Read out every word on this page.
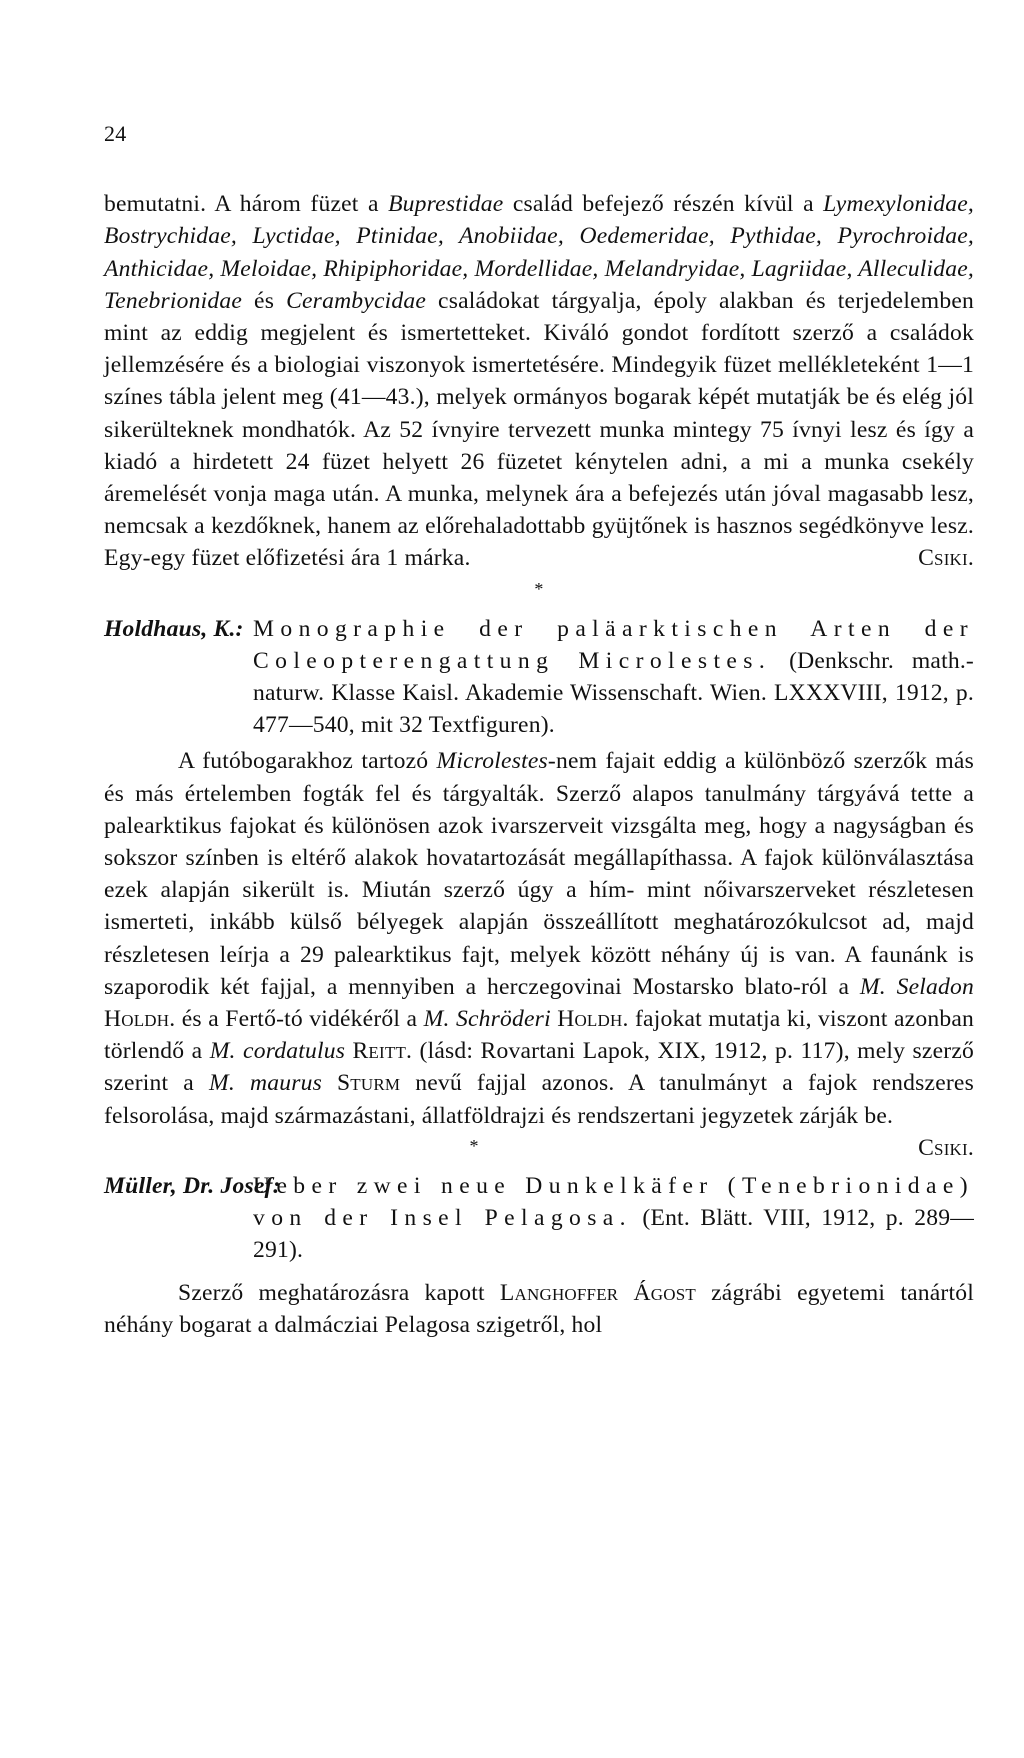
24
bemutatni. A három füzet a Buprestidae család befejező részén kívül a Lymexylonidae, Bostrychidae, Lyctidae, Ptinidae, Anobiidae, Oedemeridae, Pythidae, Pyrochroidae, Anthicidae, Meloidae, Rhipiphoridae, Mordellidae, Melandryidae, Lagriidae, Alleculidae, Tenebrionidae és Cerambycidae családokat tárgyalja, époly alakban és terjedelemben mint az eddig megjelent és ismertetteket. Kiváló gondot fordított szerző a családok jellemzésére és a biologiai viszonyok ismertetésére. Mindegyik füzet mellékleteként 1—1 színes tábla jelent meg (41—43.), melyek ormányos bogarak képét mutatják be és elég jól sikerülteknek mondhatók. Az 52 ívnyire tervezett munka mintegy 75 ívnyi lesz és így a kiadó a hirdetett 24 füzet helyett 26 füzetet kénytelen adni, a mi a munka csekély áremelését vonja maga után. A munka, melynek ára a befejezés után jóval magasabb lesz, nemcsak a kezdőknek, hanem az előrehaladottabb gyüjtőnek is hasznos segédkönyve lesz. Egy-egy füzet előfizetési ára 1 márka.	Csiki.
*
Holdhaus, K.: Monographie der paläarktischen Arten der Coleopterengattung Microlestes. (Denkschr. math.-naturw. Klasse Kaisl. Akademie Wissenschaft. Wien. LXXXVIII, 1912, p. 477—540, mit 32 Textfiguren).
A futóbogarakhoz tartozó Microlestes-nem fajait eddig a különböző szerzők más és más értelemben fogták fel és tárgyalták. Szerző alapos tanulmány tárgyává tette a palearktikus fajokat és különösen azok ivarszerveit vizsgálta meg, hogy a nagyságban és sokszor színben is eltérő alakok hovatartozását megállapíthassa. A fajok különválasztása ezek alapján sikerült is. Miután szerző úgy a hím- mint nőivarszerveket részletesen ismerteti, inkább külső bélyegek alapján összeállított meghatározókulcsot ad, majd részletesen leírja a 29 palearktikus fajt, melyek között néhány új is van. A faunánk is szaporodik két fajjal, a mennyiben a herczegovinai Mostarsko blato-ról a M. Seladon Holdh. és a Fertő-tó vidékéről a M. Schröderi Holdh. fajokat mutatja ki, viszont azonban törlendő a M. cordatulus Reitt. (lásd: Rovartani Lapok, XIX, 1912, p. 117), mely szerző szerint a M. maurus Sturm nevű fajjal azonos. A tanulmányt a fajok rendszeres felsorolása, majd származástani, állatföldrajzi és rendszertani jegyzetek zárják be.
Csiki.
*
Müller, Dr. Josef:
Ueber zwei neue Dunkelkäfer (Tenebrionidae) von der Insel Pelagosa. (Ent. Blätt. VIII, 1912, p. 289—291).
Szerző meghatározásra kapott Langhoffer Ágost zágrábi egyetemi tanártól néhány bogarat a dalmácziai Pelagosa szigetről, hol
